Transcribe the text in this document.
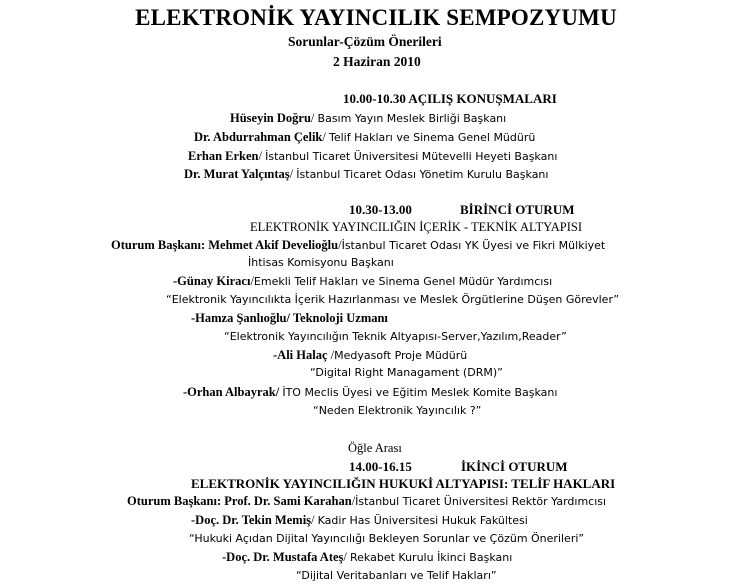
ELEKTRONİK YAYINCILIK SEMPOZYUMU
Sorunlar-Çözüm Önerileri
2 Haziran 2010
10.00-10.30 AÇILIŞ KONUŞMALARI
Hüseyin Doğru/ Basım Yayın Meslek Birliği Başkanı
Dr. Abdurrahman Çelik/ Telif Hakları ve Sinema Genel Müdürü
Erhan Erken/ İstanbul Ticaret Üniversitesi Mütevelli Heyeti Başkanı
Dr. Murat Yalçıntaş/ İstanbul Ticaret Odası Yönetim Kurulu Başkanı
10.30-13.00	BİRİNCİ OTURUM
ELEKTRONİK YAYINCILIĞIN İÇERİK - TEKNİK ALTYAPISI
Oturum Başkanı: Mehmet Akif Develioğlu/İstanbul Ticaret Odası YK Üyesi ve Fikri Mülkiyet
İhtisas Komisyonu Başkanı
-Günay Kiracı/Emekli Telif Hakları ve Sinema Genel Müdür Yardımcısı
“Elektronik Yayıncılıkta İçerik Hazırlanması ve Meslek Örgütlerine Düşen Görevler”
-Hamza Şanlıoğlu/ Teknoloji Uzmanı
“Elektronik Yayıncılığın Teknik Altyapısı-Server,Yazılım,Reader”
-Ali Halaç /Medyasoft Proje Müdürü
“Digital Right Managament (DRM)”
-Orhan Albayrak/ İTO Meclis Üyesi ve Eğitim Meslek Komite Başkanı
“Neden Elektronik Yayıncılık ?”
Öğle Arası
14.00-16.15	İKİNCİ OTURUM
ELEKTRONİK YAYINCILIĞIN HUKUKİ ALTYAPISI: TELİF HAKLARI
Oturum Başkanı: Prof. Dr. Sami Karahan/İstanbul Ticaret Üniversitesi Rektör Yardımcısı
-Doç. Dr. Tekin Memiş/ Kadir Has Üniversitesi Hukuk Fakültesi
“Hukuki Açıdan Dijital Yayıncılığı Bekleyen Sorunlar ve Çözüm Önerileri”
-Doç. Dr. Mustafa Ateş/ Rekabet Kurulu İkinci Başkanı
“Dijital Veritabanları ve Telif Hakları”
